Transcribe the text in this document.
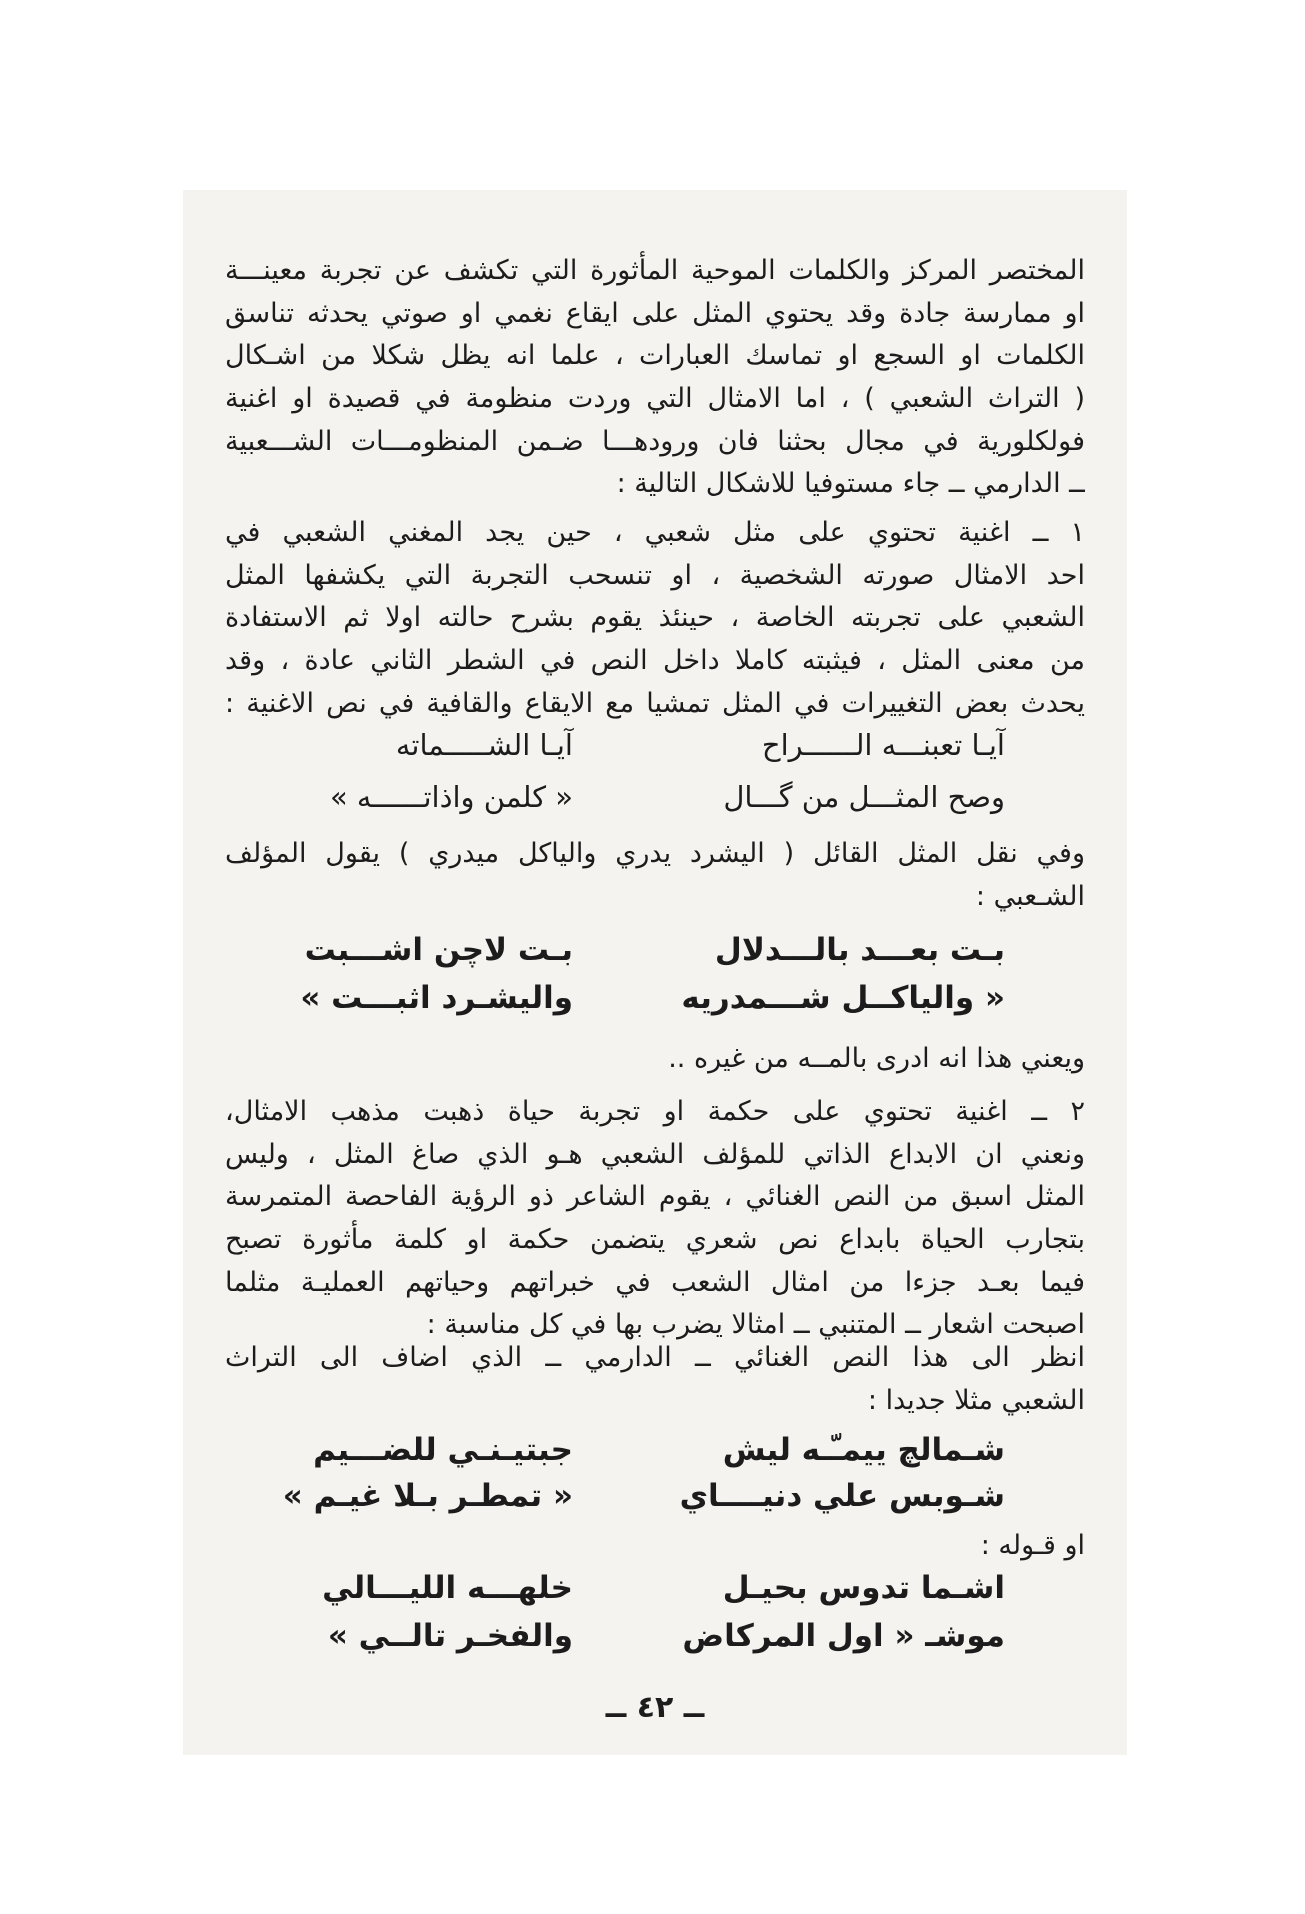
المختصر المركز والكلمات الموحية المأثورة التي تكشف عن تجربة معينـــة
او ممارسة جادة وقد يحتوي المثل على ايقاع نغمي او صوتي يحدثه تناسق
الكلمات او السجع او تماسك العبارات ، علما انه يظل شكلا من اشـكال
( التراث الشعبي ) ، اما الامثال التي وردت منظومة في قصيدة او اغنية
فولكلورية في مجال بحثنا فان ورودهـــا ضـمن المنظومـــات الشـــعبية
ــ الدارمي ــ جاء مستوفيا للاشكال التالية :
١ ــ اغنية تحتوي على مثل شعبي ، حين يجد المغني الشعبي في
احد الامثال صورته الشخصية ، او تنسحب التجربة التي يكشفها المثل
الشعبي على تجربته الخاصة ، حينئذ يقوم بشرح حالته اولا ثم الاستفادة
من معنى المثل ، فيثبته كاملا داخل النص في الشطر الثاني عادة ، وقد
يحدث بعض التغييرات في المثل تمشيا مع الايقاع والقافية في نص الاغنية :
آيـا تعبنـــه الــــــراح
آيـا الشـــــماته
وصح المثـــل من گـــال
« كلمن واذاتــــــه »
وفي نقل المثل القائل ( اليشرد يدري والياكل ميدري ) يقول المؤلف
الشـعبي :
بـت بعـــد بالـــدلال
بـت لاچن اشـــبت
« والياكــل شـــمدريه
واليشـرد اثبـــت »
ويعني هذا انه ادرى بالمــه من غيره ..
٢ ــ اغنية تحتوي على حكمة او تجربة حياة ذهبت مذهب الامثال،
ونعني ان الابداع الذاتي للمؤلف الشعبي هـو الذي صاغ المثل ، وليس
المثل اسبق من النص الغنائي ، يقوم الشاعر ذو الرؤية الفاحصة المتمرسة
بتجارب الحياة بابداع نص شعري يتضمن حكمة او كلمة مأثورة تصبح
فيما بعـد جزءا من امثال الشعب في خبراتهم وحياتهم العمليـة مثلما
اصبحت اشعار ــ المتنبي ــ امثالا يضرب بها في كل مناسبة :
انظر الى هذا النص الغنائي ــ الدارمي ــ الذي اضاف الى التراث
الشعبي مثلا جديدا :
شـمالچ ييمـّـه ليش
جبتيـنـي للضـــيم
شـوبس علي دنيــــاي
« تمطـر بـلا غيـم »
او قـوله :
اشـما تدوس بحيـل
خلهـــه الليـــالي
موشـ « اول المركاض
والفخـر تالــي »
ــ ٤٢ ــ
